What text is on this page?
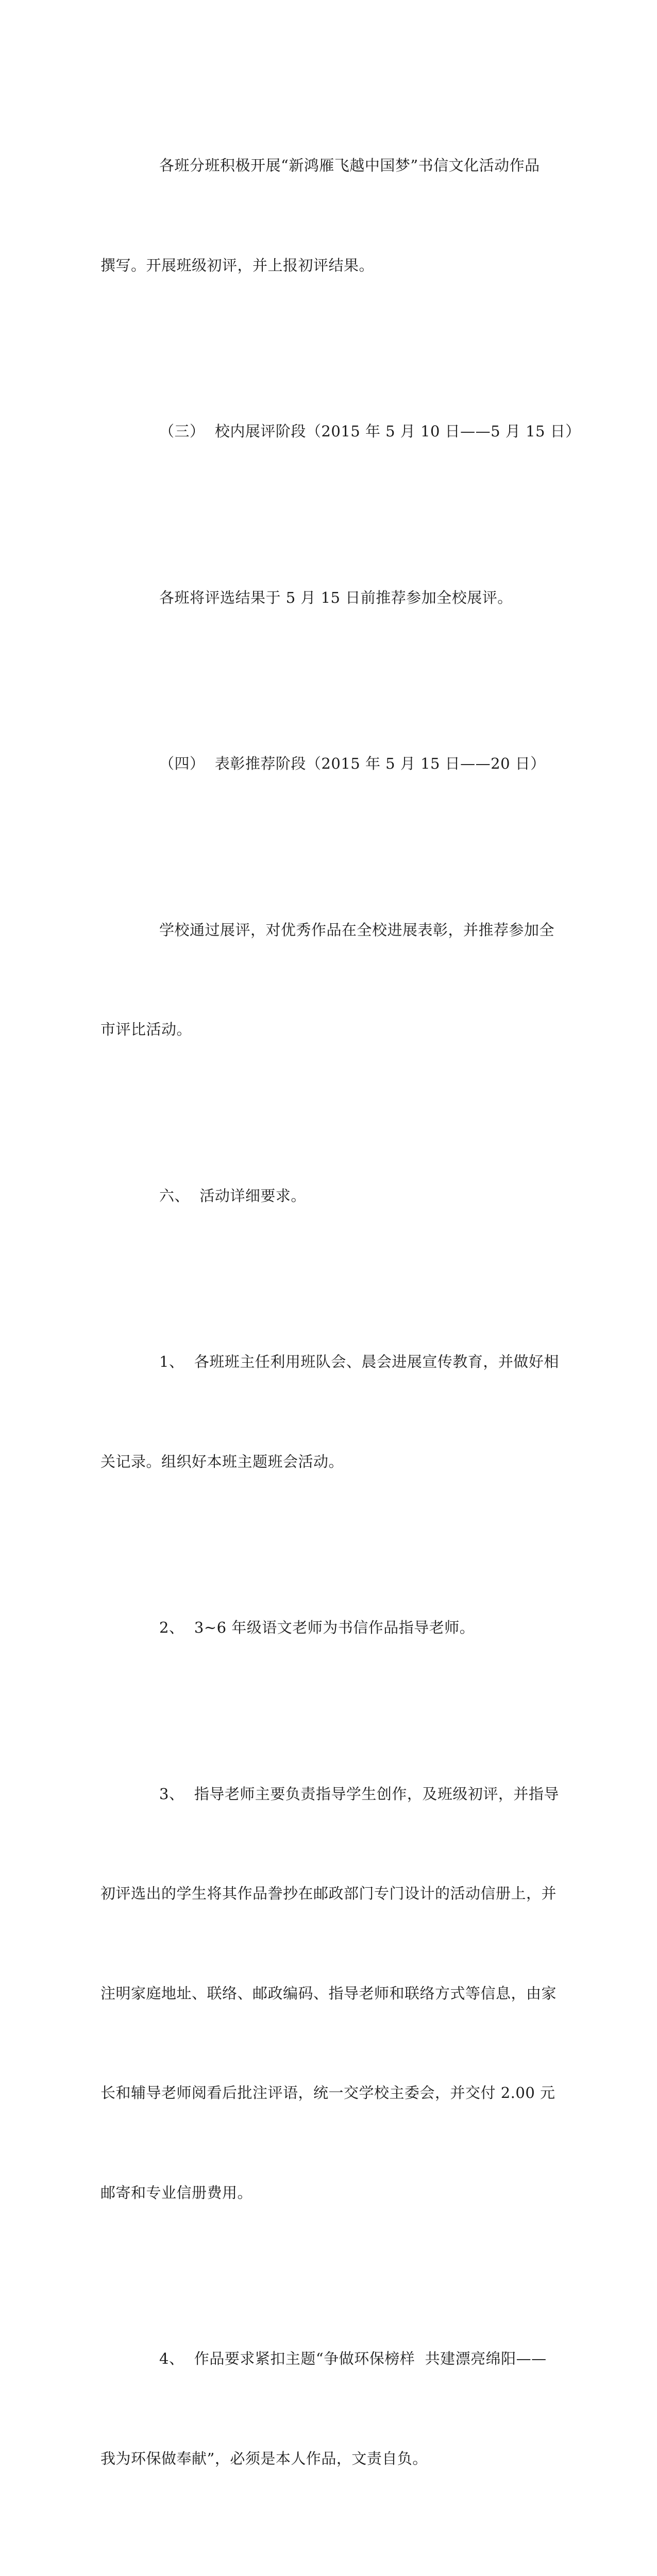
各班分班积极开展“新鸿雁飞越中国梦”书信文化活动作品

撰写。开展班级初评，并上报初评结果。

（三）  校内展评阶段（2015 年 5 月 10 日——5 月 15 日）

各班将评选结果于 5 月 15 日前推荐参加全校展评。

（四）  表彰推荐阶段（2015 年 5 月 15 日——20 日）

学校通过展评，对优秀作品在全校进展表彰，并推荐参加全

市评比活动。

六、  活动详细要求。

1、  各班班主任利用班队会、晨会进展宣传教育，并做好相

关记录。组织好本班主题班会活动。

2、  3~6 年级语文老师为书信作品指导老师。

3、  指导老师主要负责指导学生创作，及班级初评，并指导

初评选出的学生将其作品誊抄在邮政部门专门设计的活动信册上，并

注明家庭地址、联络、邮政编码、指导老师和联络方式等信息，由家

长和辅导老师阅看后批注评语，统一交学校主委会，并交付 2.00 元

邮寄和专业信册费用。

4、  作品要求紧扣主题“争做环保榜样  共建漂亮绵阳——

我为环保做奉献”，必须是本人作品，文责自负。
